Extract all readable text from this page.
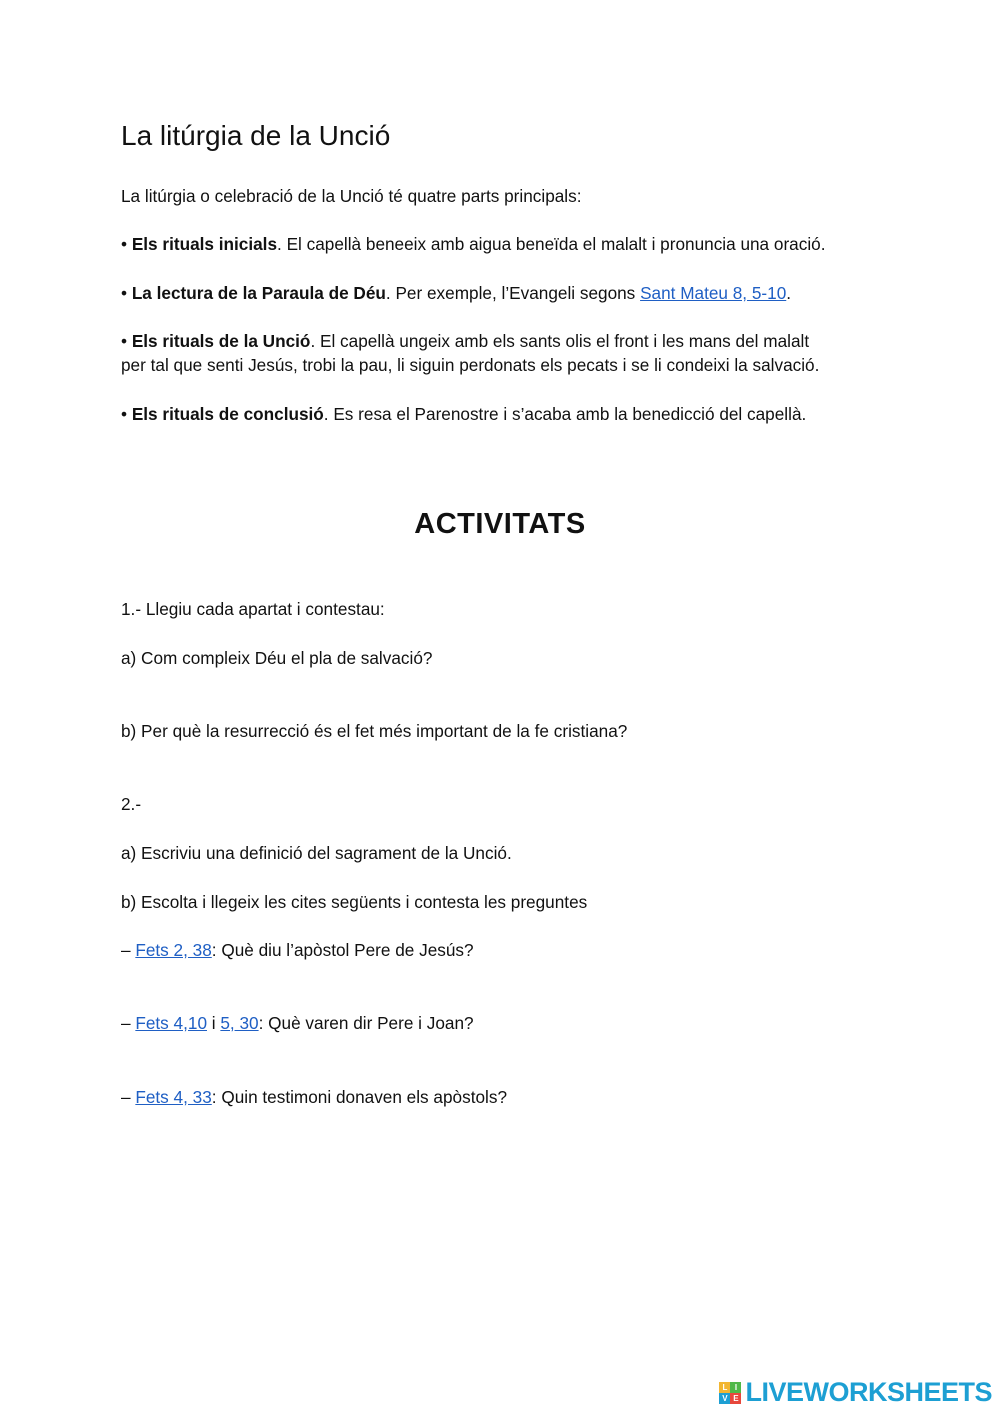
La litúrgia de la Unció

La litúrgia o celebració de la Unció té quatre parts principals:

• Els rituals inicials. El capellà beneeix amb aigua beneïda el malalt i pronuncia una oració.

• La lectura de la Paraula de Déu. Per exemple, l’Evangeli segons Sant Mateu 8, 5-10.

• Els rituals de la Unció. El capellà ungeix amb els sants olis el front i les mans del malalt

per tal que senti Jesús, trobi la pau, li siguin perdonats els pecats i se li condeixi la salvació.

• Els rituals de conclusió. Es resa el Parenostre i s’acaba amb la benedicció del capellà.

ACTIVITATS

1.- Llegiu cada apartat i contestau:

a) Com compleix Déu el pla de salvació?

b) Per què la resurrecció és el fet més important de la fe cristiana?

2.-

a) Escriviu una definició del sagrament de la Unció.

b) Escolta i llegeix les cites següents i contesta les preguntes

– Fets 2, 38: Què diu l’apòstol Pere de Jesús?

– Fets 4,10 i 5, 30: Què varen dir Pere i Joan?

– Fets 4, 33: Quin testimoni donaven els apòstols?

L I
V E LIVEWORKSHEETS
